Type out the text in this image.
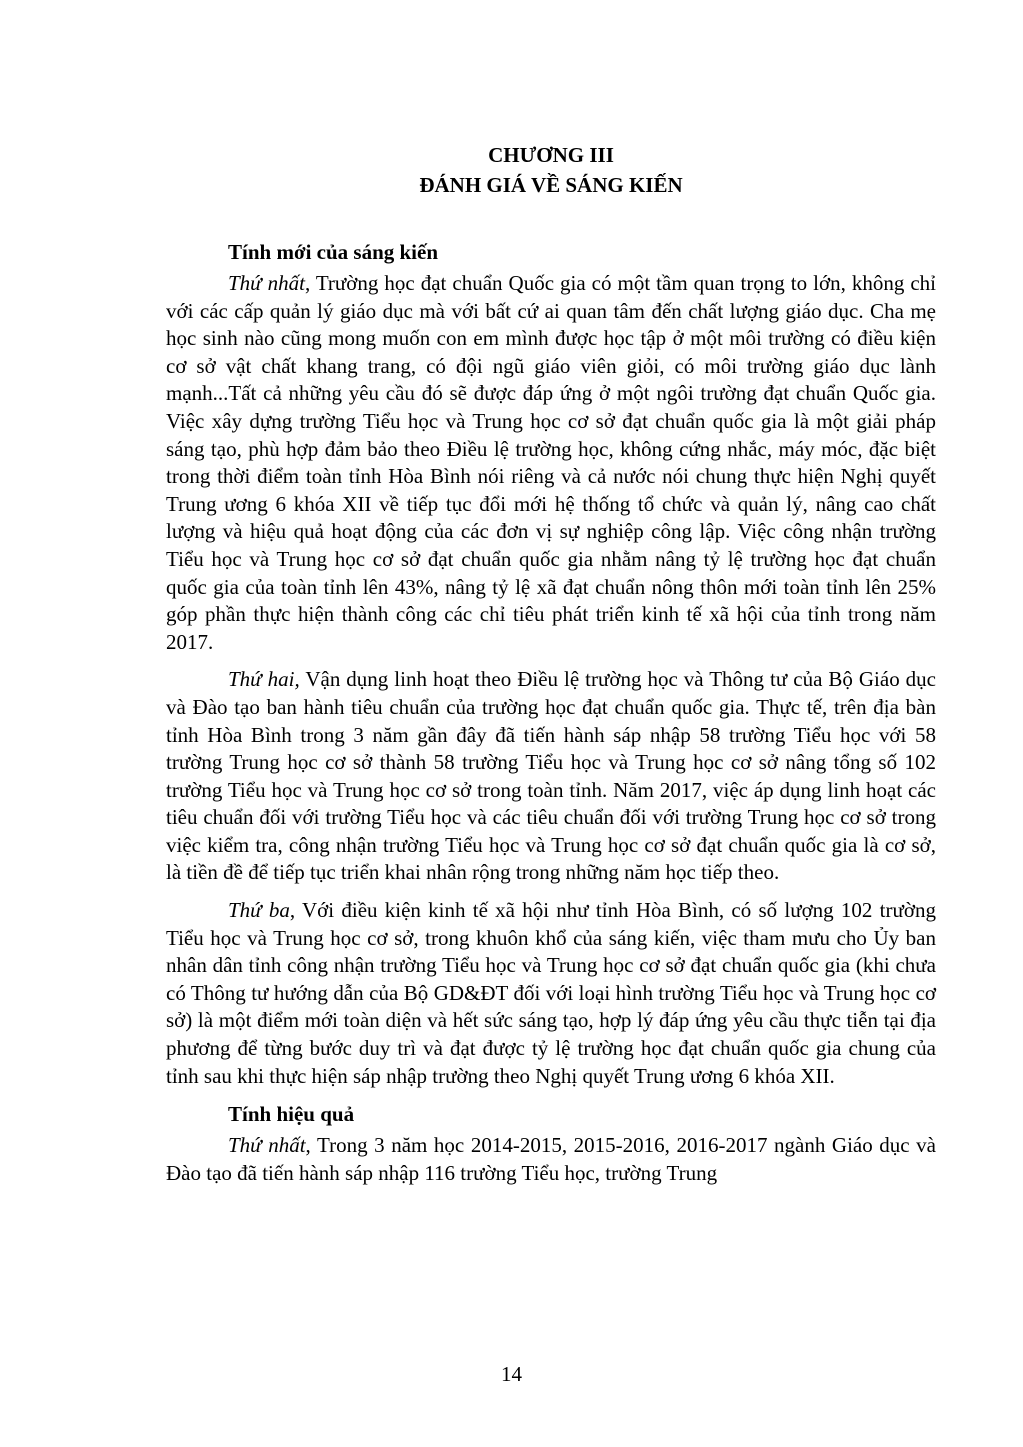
CHƯƠNG III
ĐÁNH GIÁ VỀ SÁNG KIẾN
Tính mới của sáng kiến

Thứ nhất, Trường học đạt chuẩn Quốc gia có một tầm quan trọng to lớn, không chỉ với các cấp quản lý giáo dục mà với bất cứ ai quan tâm đến chất lượng giáo dục. Cha mẹ học sinh nào cũng mong muốn con em mình được học tập ở một môi trường có điều kiện cơ sở vật chất khang trang, có đội ngũ giáo viên giỏi, có môi trường giáo dục lành mạnh...Tất cả những yêu cầu đó sẽ được đáp ứng ở một ngôi trường đạt chuẩn Quốc gia. Việc xây dựng trường Tiểu học và Trung học cơ sở đạt chuẩn quốc gia là một giải pháp sáng tạo, phù hợp đảm bảo theo Điều lệ trường học, không cứng nhắc, máy móc, đặc biệt trong thời điểm toàn tỉnh Hòa Bình nói riêng và cả nước nói chung thực hiện Nghị quyết Trung ương 6 khóa XII về tiếp tục đổi mới hệ thống tổ chức và quản lý, nâng cao chất lượng và hiệu quả hoạt động của các đơn vị sự nghiệp công lập. Việc công nhận trường Tiểu học và Trung học cơ sở đạt chuẩn quốc gia nhằm nâng tỷ lệ trường học đạt chuẩn quốc gia của toàn tỉnh lên 43%, nâng tỷ lệ xã đạt chuẩn nông thôn mới toàn tỉnh lên 25% góp phần thực hiện thành công các chỉ tiêu phát triển kinh tế xã hội của tỉnh trong năm 2017.

Thứ hai, Vận dụng linh hoạt theo Điều lệ trường học và Thông tư của Bộ Giáo dục và Đào tạo ban hành tiêu chuẩn của trường học đạt chuẩn quốc gia. Thực tế, trên địa bàn tỉnh Hòa Bình trong 3 năm gần đây đã tiến hành sáp nhập 58 trường Tiểu học với 58 trường Trung học cơ sở thành 58 trường Tiểu học và Trung học cơ sở nâng tổng số 102 trường Tiểu học và Trung học cơ sở trong toàn tỉnh. Năm 2017, việc áp dụng linh hoạt các tiêu chuẩn đối với trường Tiểu học và các tiêu chuẩn đối với trường Trung học cơ sở trong việc kiểm tra, công nhận trường Tiểu học và Trung học cơ sở đạt chuẩn quốc gia là cơ sở, là tiền đề để tiếp tục triển khai nhân rộng trong những năm học tiếp theo.

Thứ ba, Với điều kiện kinh tế xã hội như tỉnh Hòa Bình, có số lượng 102 trường Tiểu học và Trung học cơ sở, trong khuôn khổ của sáng kiến, việc tham mưu cho Ủy ban nhân dân tỉnh công nhận trường Tiểu học và Trung học cơ sở đạt chuẩn quốc gia (khi chưa có Thông tư hướng dẫn của Bộ GD&ĐT đối với loại hình trường Tiểu học và Trung học cơ sở) là một điểm mới toàn diện và hết sức sáng tạo, hợp lý đáp ứng yêu cầu thực tiễn tại địa phương để từng bước duy trì và đạt được tỷ lệ trường học đạt chuẩn quốc gia chung của tỉnh sau khi thực hiện sáp nhập trường theo Nghị quyết Trung ương 6 khóa XII.

Tính hiệu quả

Thứ nhất, Trong 3 năm học 2014-2015, 2015-2016, 2016-2017 ngành Giáo dục và Đào tạo đã tiến hành sáp nhập 116 trường Tiểu học, trường Trung

14
